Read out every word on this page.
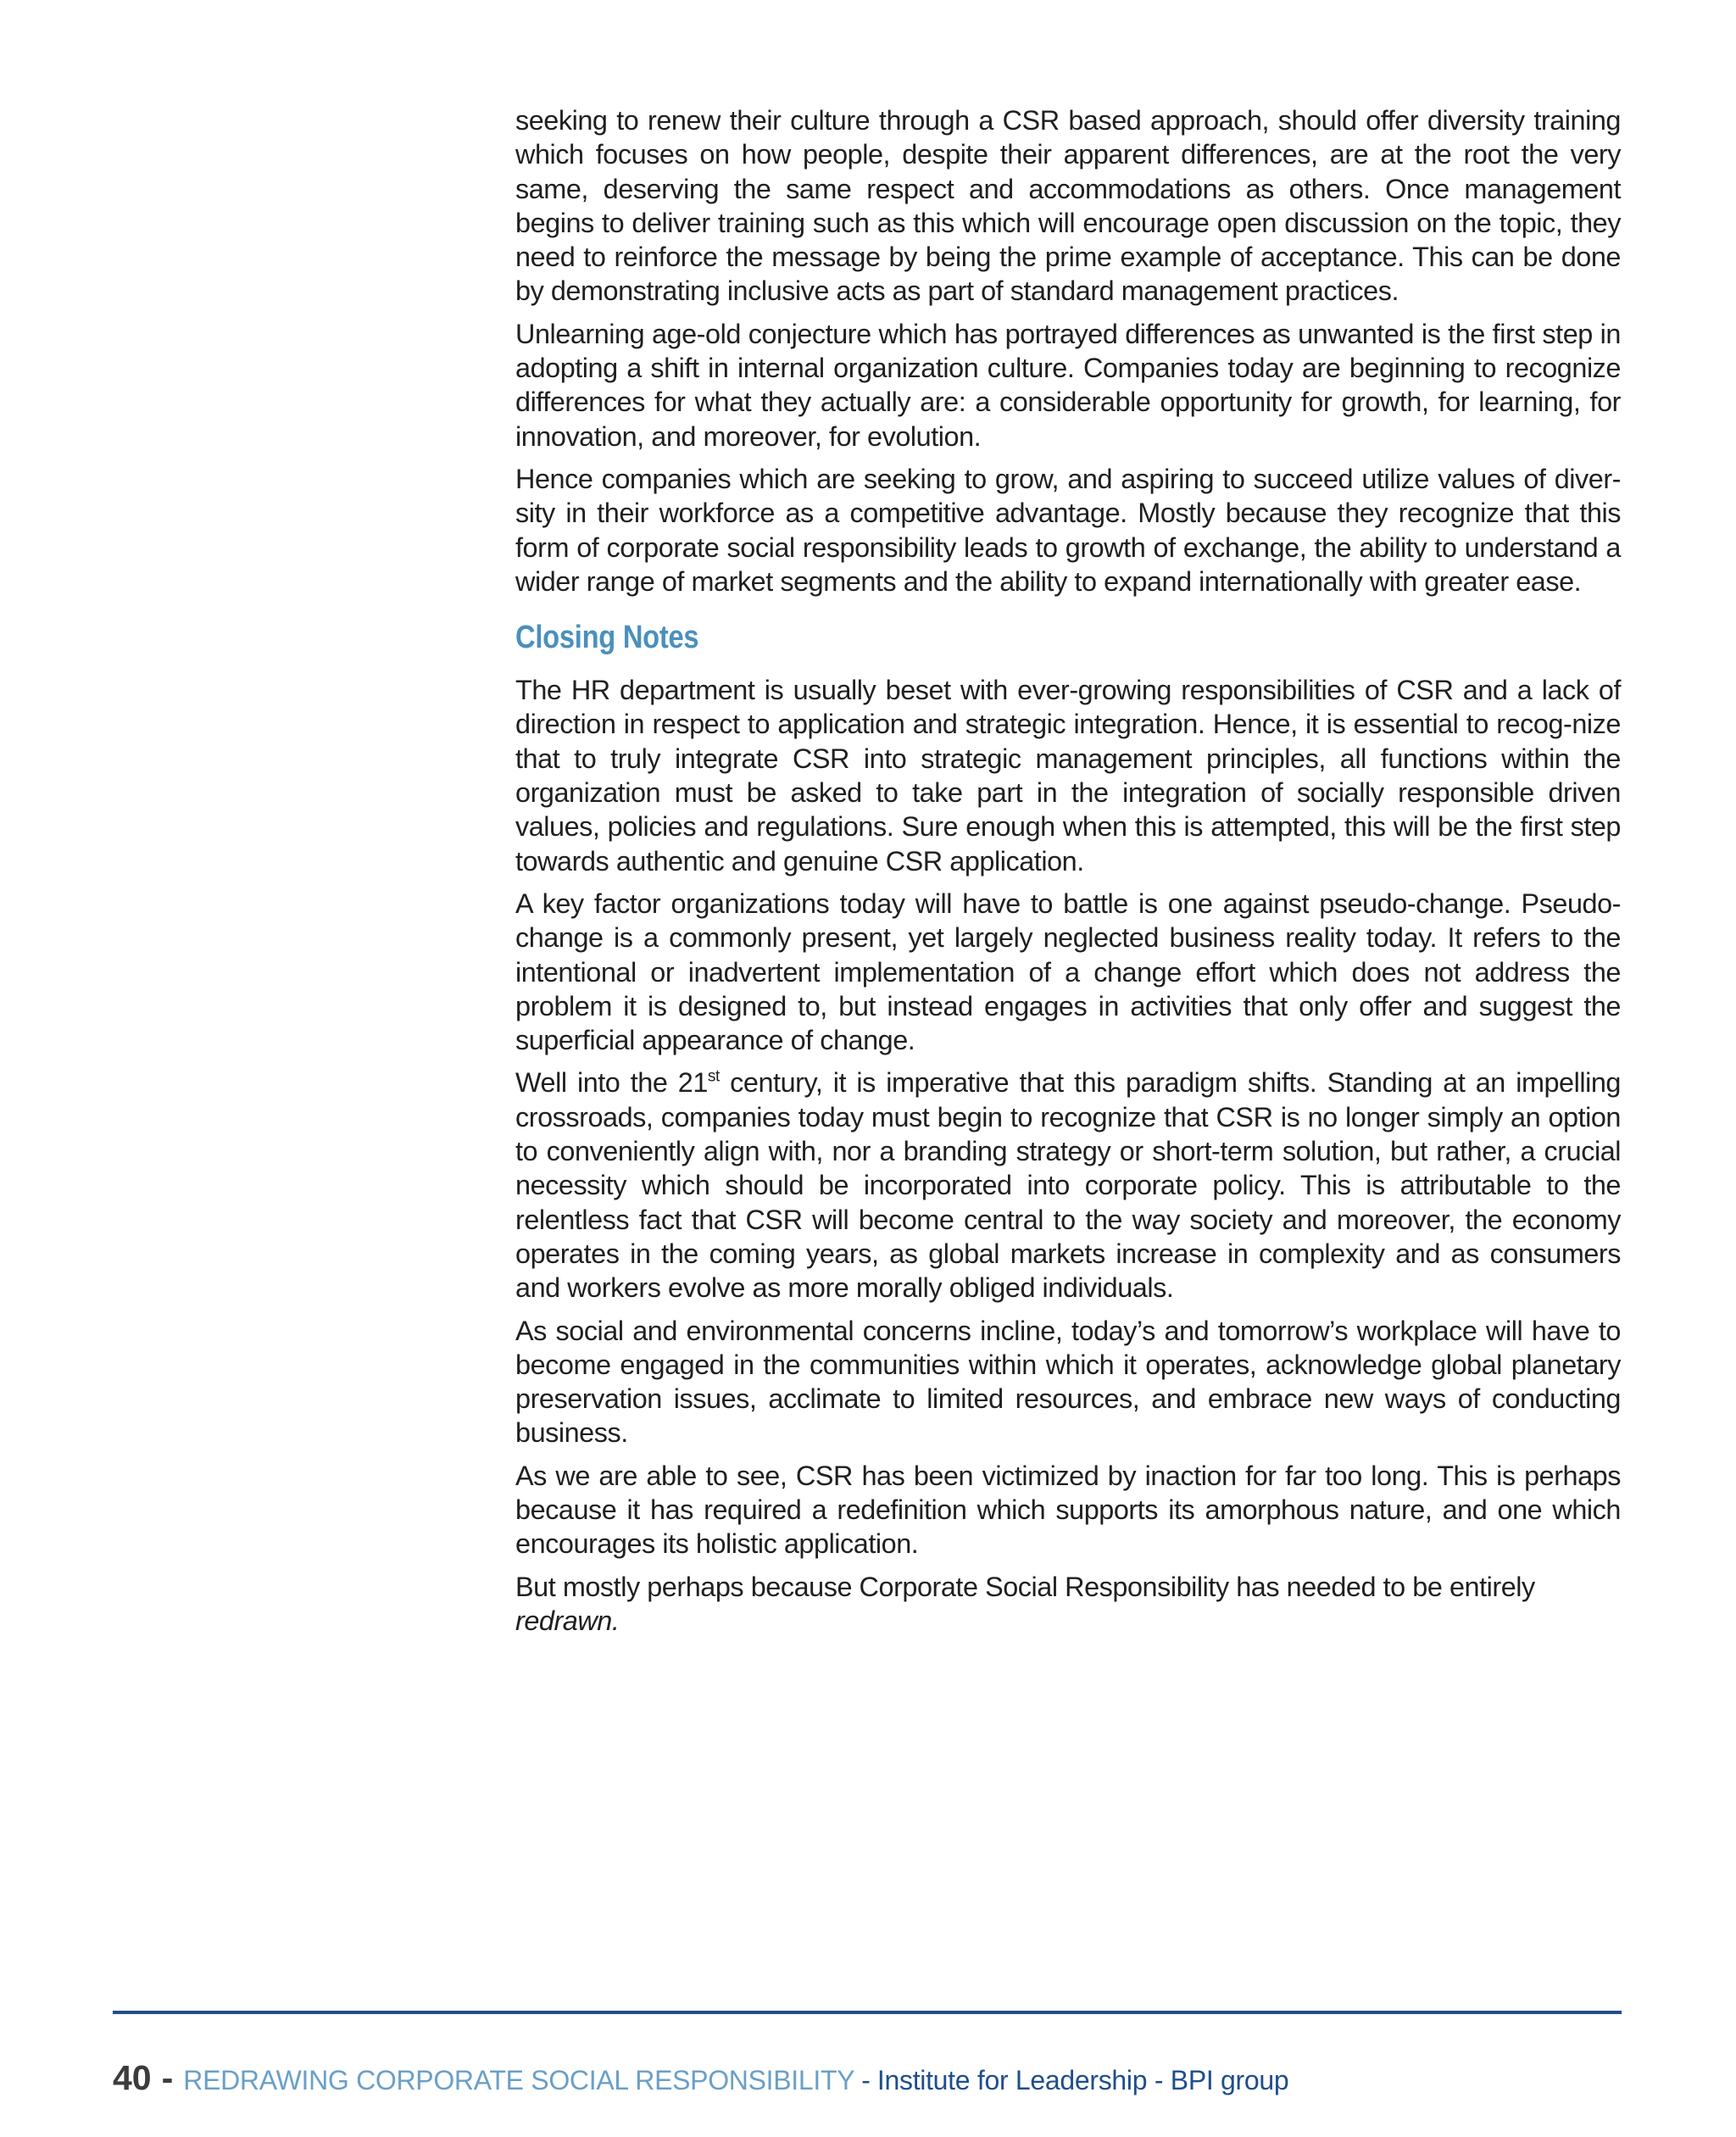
seeking to renew their culture through a CSR based approach, should offer diversity training which focuses on how people, despite their apparent differences, are at the root the very same, deserving the same respect and accommodations as others. Once management begins to deliver training such as this which will encourage open discussion on the topic, they need to reinforce the message by being the prime example of acceptance. This can be done by demonstrating inclusive acts as part of standard management practices.

Unlearning age-old conjecture which has portrayed differences as unwanted is the first step in adopting a shift in internal organization culture. Companies today are beginning to recognize differences for what they actually are: a considerable opportunity for growth, for learning, for innovation, and moreover, for evolution.

Hence companies which are seeking to grow, and aspiring to succeed utilize values of diver-sity in their workforce as a competitive advantage. Mostly because they recognize that this form of corporate social responsibility leads to growth of exchange, the ability to understand a wider range of market segments and the ability to expand internationally with greater ease.

Closing Notes

The HR department is usually beset with ever-growing responsibilities of CSR and a lack of direction in respect to application and strategic integration. Hence, it is essential to recog-nize that to truly integrate CSR into strategic management principles, all functions within the organization must be asked to take part in the integration of socially responsible driven values, policies and regulations. Sure enough when this is attempted, this will be the first step towards authentic and genuine CSR application.

A key factor organizations today will have to battle is one against pseudo-change. Pseudo-change is a commonly present, yet largely neglected business reality today. It refers to the intentional or inadvertent implementation of a change effort which does not address the problem it is designed to, but instead engages in activities that only offer and suggest the superficial appearance of change.

Well into the 21st century, it is imperative that this paradigm shifts. Standing at an impelling crossroads, companies today must begin to recognize that CSR is no longer simply an option to conveniently align with, nor a branding strategy or short-term solution, but rather, a crucial necessity which should be incorporated into corporate policy. This is attributable to the relentless fact that CSR will become central to the way society and moreover, the economy operates in the coming years, as global markets increase in complexity and as consumers and workers evolve as more morally obliged individuals.

As social and environmental concerns incline, today’s and tomorrow’s workplace will have to become engaged in the communities within which it operates, acknowledge global planetary preservation issues, acclimate to limited resources, and embrace new ways of conducting business.

As we are able to see, CSR has been victimized by inaction for far too long. This is perhaps because it has required a redefinition which supports its amorphous nature, and one which encourages its holistic application.

But mostly perhaps because Corporate Social Responsibility has needed to be entirely redrawn.

40 - REDRAWING CORPORATE SOCIAL RESPONSIBILITY - Institute for Leadership - BPI group
